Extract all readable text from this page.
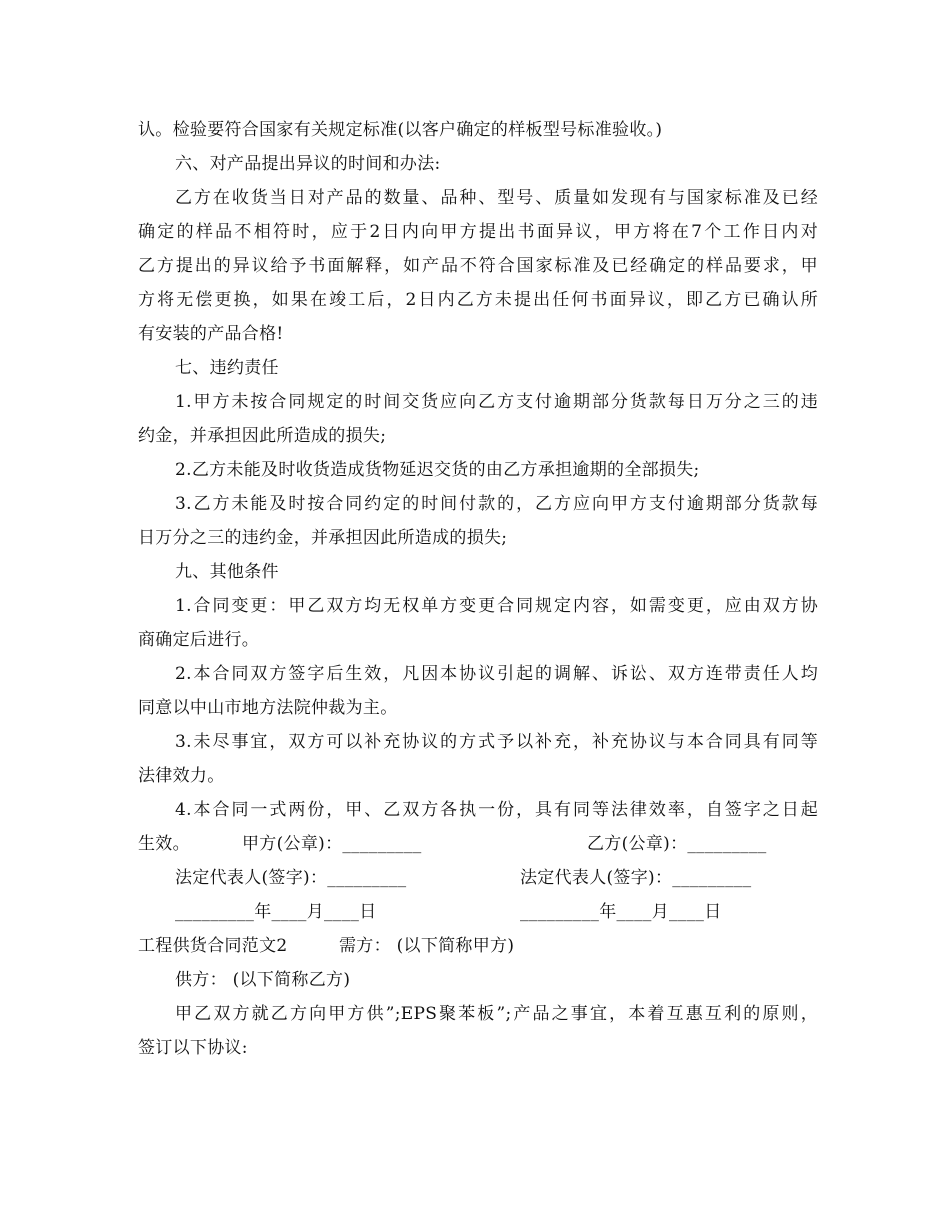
认。检验要符合国家有关规定标准(以客户确定的样板型号标准验收。)
六、对产品提出异议的时间和办法:
乙方在收货当日对产品的数量、品种、型号、质量如发现有与国家标准及已经
确定的样品不相符时，应于2日内向甲方提出书面异议，甲方将在7个工作日内对
乙方提出的异议给予书面解释，如产品不符合国家标准及已经确定的样品要求，甲
方将无偿更换，如果在竣工后，2日内乙方未提出任何书面异议，即乙方已确认所
有安装的产品合格!
七、违约责任
1.甲方未按合同规定的时间交货应向乙方支付逾期部分货款每日万分之三的违
约金，并承担因此所造成的损失;
2.乙方未能及时收货造成货物延迟交货的由乙方承担逾期的全部损失;
3.乙方未能及时按合同约定的时间付款的，乙方应向甲方支付逾期部分货款每
日万分之三的违约金，并承担因此所造成的损失;
九、其他条件
1.合同变更：甲乙双方均无权单方变更合同规定内容，如需变更，应由双方协
商确定后进行。
2.本合同双方签字后生效，凡因本协议引起的调解、诉讼、双方连带责任人均
同意以中山市地方法院仲裁为主。
3.未尽事宜，双方可以补充协议的方式予以补充，补充协议与本合同具有同等
法律效力。
4.本合同一式两份，甲、乙双方各执一份，具有同等法律效率，自签字之日起
生效。	甲方(公章)：_________	乙方(公章)：_________
法定代表人(签字)：_________	法定代表人(签字)：_________
_________年____月____日	_________年____月____日
工程供货合同范文2	需方： (以下简称甲方)
供方： (以下简称乙方)
甲乙双方就乙方向甲方供”;EPS聚苯板”;产品之事宜，本着互惠互利的原则，
签订以下协议:
